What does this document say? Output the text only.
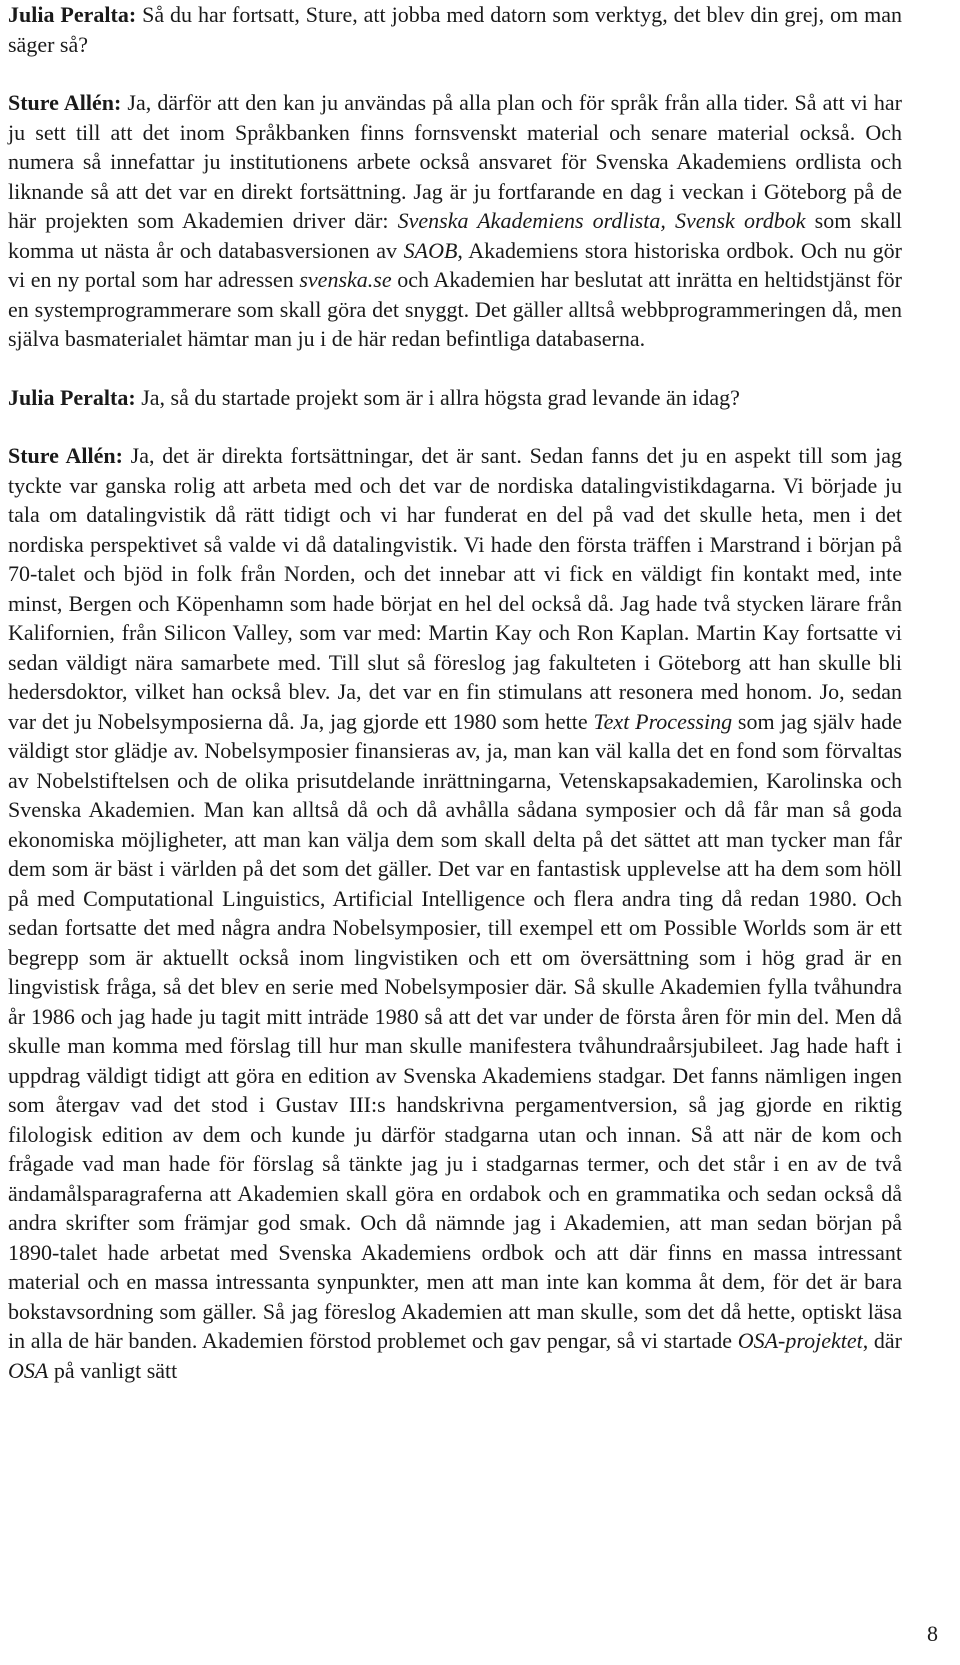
Julia Peralta: Så du har fortsatt, Sture, att jobba med datorn som verktyg, det blev din grej, om man säger så?

Sture Allén: Ja, därför att den kan ju användas på alla plan och för språk från alla tider. Så att vi har ju sett till att det inom Språkbanken finns fornsvenskt material och senare material också. Och numera så innefattar ju institutionens arbete också ansvaret för Svenska Akademiens ordlista och liknande så att det var en direkt fortsättning. Jag är ju fortfarande en dag i veckan i Göteborg på de här projekten som Akademien driver där: Svenska Akademiens ordlista, Svensk ordbok som skall komma ut nästa år och databasversionen av SAOB, Akademiens stora historiska ordbok. Och nu gör vi en ny portal som har adressen svenska.se och Akademien har beslutat att inrätta en heltidstjänst för en systemprogrammerare som skall göra det snyggt. Det gäller alltså webbprogrammeringen då, men själva basmaterialet hämtar man ju i de här redan befintliga databaserna.

Julia Peralta: Ja, så du startade projekt som är i allra högsta grad levande än idag?

Sture Allén: Ja, det är direkta fortsättningar, det är sant. Sedan fanns det ju en aspekt till som jag tyckte var ganska rolig att arbeta med och det var de nordiska datalingvistikdagarna. Vi började ju tala om datalingvistik då rätt tidigt och vi har funderat en del på vad det skulle heta, men i det nordiska perspektivet så valde vi då datalingvistik. Vi hade den första träffen i Marstrand i början på 70-talet och bjöd in folk från Norden, och det innebar att vi fick en väldigt fin kontakt med, inte minst, Bergen och Köpenhamn som hade börjat en hel del också då. Jag hade två stycken lärare från Kalifornien, från Silicon Valley, som var med: Martin Kay och Ron Kaplan. Martin Kay fortsatte vi sedan väldigt nära samarbete med. Till slut så föreslog jag fakulteten i Göteborg att han skulle bli hedersdoktor, vilket han också blev. Ja, det var en fin stimulans att resonera med honom. Jo, sedan var det ju Nobelsymposierna då. Ja, jag gjorde ett 1980 som hette Text Processing som jag själv hade väldigt stor glädje av. Nobelsymposier finansieras av, ja, man kan väl kalla det en fond som förvaltas av Nobelstiftelsen och de olika prisutdelande inrättningarna, Vetenskapsakademien, Karolinska och Svenska Akademien. Man kan alltså då och då avhålla sådana symposier och då får man så goda ekonomiska möjligheter, att man kan välja dem som skall delta på det sättet att man tycker man får dem som är bäst i världen på det som det gäller. Det var en fantastisk upplevelse att ha dem som höll på med Computational Linguistics, Artificial Intelligence och flera andra ting då redan 1980. Och sedan fortsatte det med några andra Nobelsymposier, till exempel ett om Possible Worlds som är ett begrepp som är aktuellt också inom lingvistiken och ett om översättning som i hög grad är en lingvistisk fråga, så det blev en serie med Nobelsymposier där. Så skulle Akademien fylla tvåhundra år 1986 och jag hade ju tagit mitt inträde 1980 så att det var under de första åren för min del. Men då skulle man komma med förslag till hur man skulle manifestera tvåhundraårsjubileet. Jag hade haft i uppdrag väldigt tidigt att göra en edition av Svenska Akademiens stadgar. Det fanns nämligen ingen som återgav vad det stod i Gustav III:s handskrivna pergamentversion, så jag gjorde en riktig filologisk edition av dem och kunde ju därför stadgarna utan och innan. Så att när de kom och frågade vad man hade för förslag så tänkte jag ju i stadgarnas termer, och det står i en av de två ändamålsparagraferna att Akademien skall göra en ordabok och en grammatika och sedan också då andra skrifter som främjar god smak. Och då nämnde jag i Akademien, att man sedan början på 1890-talet hade arbetat med Svenska Akademiens ordbok och att där finns en massa intressant material och en massa intressanta synpunkter, men att man inte kan komma åt dem, för det är bara bokstavsordning som gäller. Så jag föreslog Akademien att man skulle, som det då hette, optiskt läsa in alla de här banden. Akademien förstod problemet och gav pengar, så vi startade OSA-projektet, där OSA på vanligt sätt

8
